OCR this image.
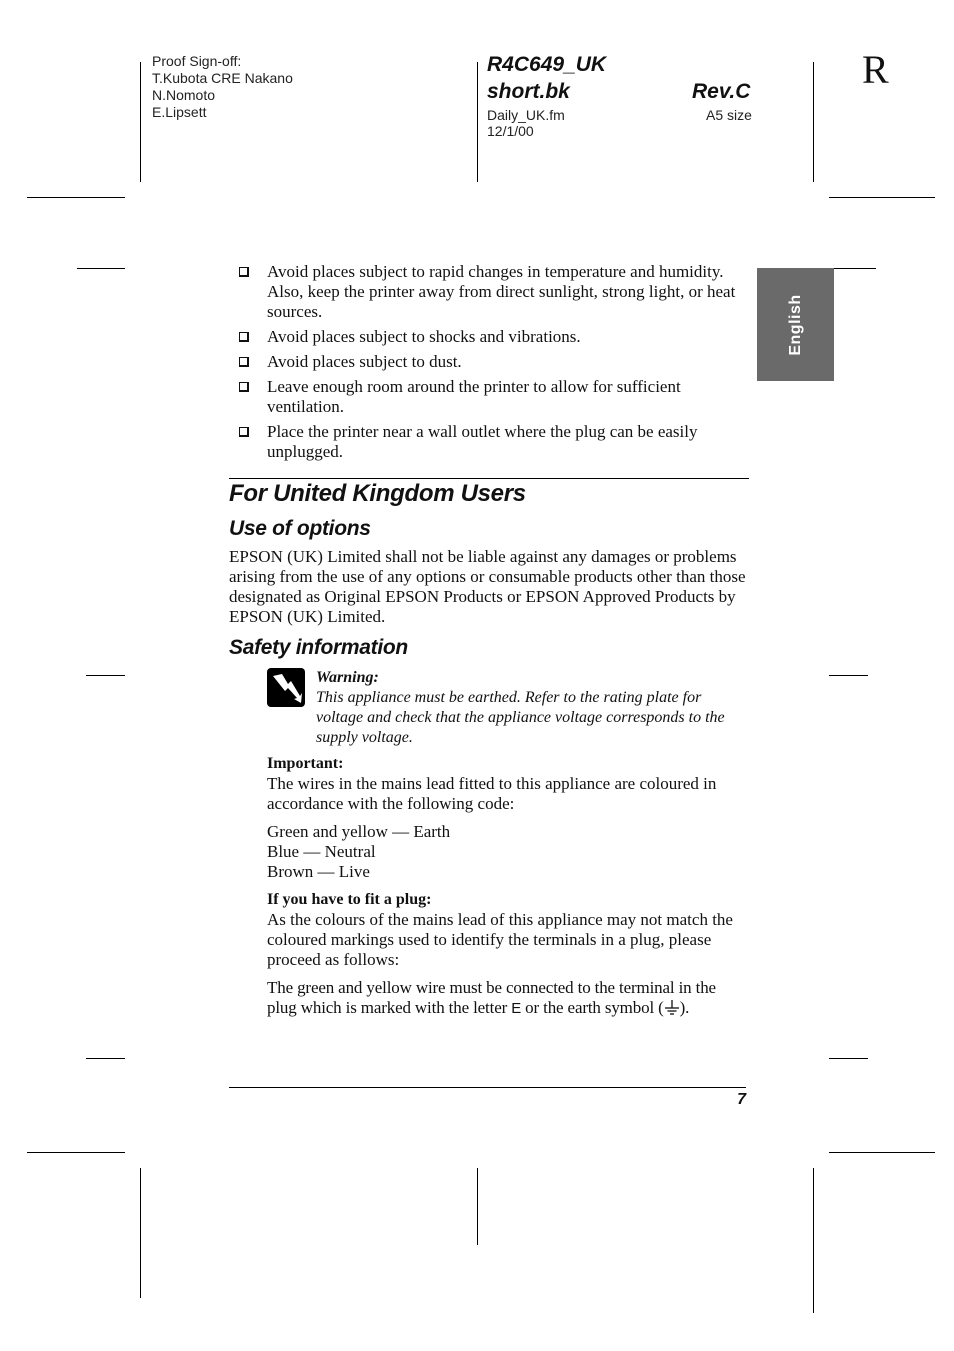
Proof Sign-off:
T.Kubota CRE Nakano
N.Nomoto
E.Lipsett
R4C649_UK
short.bk	Rev.C
Daily_UK.fm
12/1/00
A5 size
R
English
Avoid places subject to rapid changes in temperature and humidity. Also, keep the printer away from direct sunlight, strong light, or heat sources.
Avoid places subject to shocks and vibrations.
Avoid places subject to dust.
Leave enough room around the printer to allow for sufficient ventilation.
Place the printer near a wall outlet where the plug can be easily unplugged.
For United Kingdom Users
Use of options
EPSON (UK) Limited shall not be liable against any damages or problems arising from the use of any options or consumable products other than those designated as Original EPSON Products or EPSON Approved Products by EPSON (UK) Limited.
Safety information
Warning:
This appliance must be earthed. Refer to the rating plate for voltage and check that the appliance voltage corresponds to the supply voltage.
Important:
The wires in the mains lead fitted to this appliance are coloured in accordance with the following code:
Green and yellow — Earth
Blue — Neutral
Brown — Live
If you have to fit a plug:
As the colours of the mains lead of this appliance may not match the coloured markings used to identify the terminals in a plug, please proceed as follows:
The green and yellow wire must be connected to the terminal in the plug which is marked with the letter E or the earth symbol ( ).
7
